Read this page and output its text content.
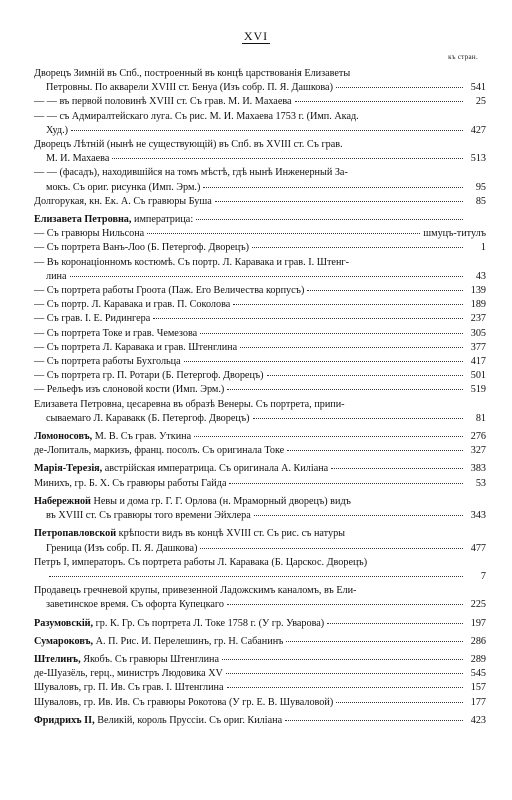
XVI
къ стран.
Дворецъ Зимній въ Спб., построенный въ концѣ царствованія Елизаветы
Петровны. По акварели XVIII ст. Бенуа (Изъ собр. П. Я. Дашкова)	541
— — въ первой половинѣ XVIII ст. Съ грав. М. И. Махаева	25
— — съ Адмиралтейскаго луга. Съ рис. М. И. Махаева 1753 г. (Имп. Акад.
Худ.)	427
Дворецъ Лѣтній (нынѣ не существующій) въ Спб. въ XVIII ст. Съ грав.
М. И. Махаева	513
— — (фасадъ), находившійся на томъ мѣстѣ, гдѣ нынѣ Инженерный За-
мокъ. Съ ориг. рисунка (Имп. Эрм.)	95
Долгорукая, кн. Ек. А. Съ гравюры Буша	85
Елизавета Петровна, императрица:
— Съ гравюры Нильсона	шмуцъ-титулъ
— Съ портрета Ванъ-Лоо (Б. Петергоф. Дворецъ)	1
— Въ коронаціонномъ костюмѣ. Съ портр. Л. Каравака и грав. I. Штенг-
лина	43
— Съ портрета работы Гроота (Паж. Его Величества корпусъ)	139
— Съ портр. Л. Каравака и грав. П. Соколова	189
— Съ грав. I. Е. Ридингера	237
— Съ портрета Токе и грав. Чемезова	305
— Съ портрета Л. Каравака и грав. Штенглина	377
— Съ портрета работы Бухгольца	417
— Съ портрета гр. П. Ротари (Б. Петергоф. Дворецъ)	501
— Рельефъ изъ слоновой кости (Имп. Эрм.)	519
Елизавета Петровна, цесаревна въ образѣ Венеры. Съ портрета, припи-
сываемаго Л. Каравакк (Б. Петергоф. Дворецъ)	81
Ломоносовъ, М. В. Съ грав. Уткина	276
де-Лопиталь, маркизъ, франц. посолъ. Съ оригинала Токе	327
Марія-Терезія, австрійская императрица. Съ оригинала А. Киліана	383
Минихъ, гр. Б. Х. Съ гравюры работы Гайда	53
Набережной Невы и дома гр. Г. Г. Орлова (н. Мраморный дворецъ) видъ
въ XVIII ст. Съ гравюры того времени Эйхлера	343
Петропавловской крѣпости видъ въ концѣ XVIII ст. Съ рис. съ натуры
Греница (Изъ собр. П. Я. Дашкова)	477
Петръ I, императоръ. Съ портрета работы Л. Каравака (Б. Царскос. Дворецъ)
7
Продавецъ гречневой крупы, привезенной Ладожскимъ каналомъ, въ Ели-
заветинское время. Съ офорта Купецкаго	225
Разумовскій, гр. К. Гр. Съ портрета Л. Токе 1758 г. (У гр. Уварова)	197
Сумароковъ, А. П. Рис. И. Перелешинъ, гр. Н. Сабанинъ	286
Штелинъ, Якобъ. Съ гравюры Штенглина	289
де-Шуазёль, герц., министръ Людовика XV	545
Шуваловъ, гр. П. Ив. Съ грав. I. Штенглина	157
Шуваловъ, гр. Ив. Ив. Съ гравюры Рокотова (У гр. Е. В. Шуваловой)	177
Фридрихъ II, Великій, король Пруссіи. Съ ориг. Киліана	423
